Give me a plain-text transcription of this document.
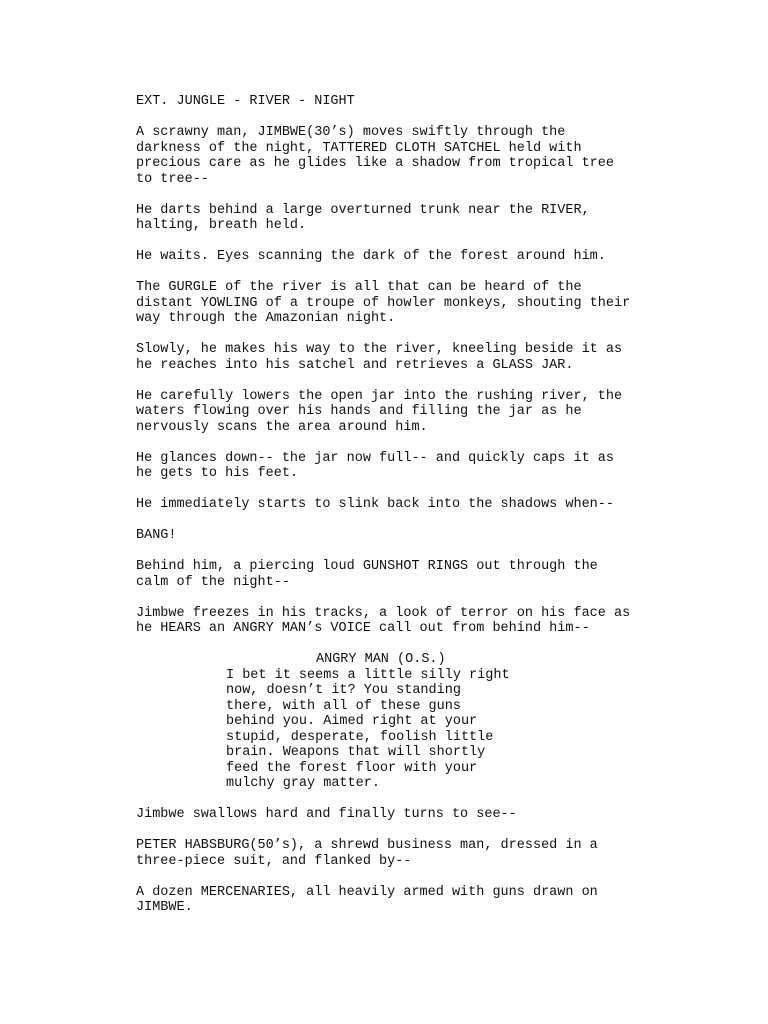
EXT. JUNGLE - RIVER - NIGHT
A scrawny man, JIMBWE(30’s) moves swiftly through the
darkness of the night, TATTERED CLOTH SATCHEL held with
precious care as he glides like a shadow from tropical tree
to tree--
He darts behind a large overturned trunk near the RIVER,
halting, breath held.
He waits. Eyes scanning the dark of the forest around him.
The GURGLE of the river is all that can be heard of the
distant YOWLING of a troupe of howler monkeys, shouting their
way through the Amazonian night.
Slowly, he makes his way to the river, kneeling beside it as
he reaches into his satchel and retrieves a GLASS JAR.
He carefully lowers the open jar into the rushing river, the
waters flowing over his hands and filling the jar as he
nervously scans the area around him.
He glances down-- the jar now full-- and quickly caps it as
he gets to his feet.
He immediately starts to slink back into the shadows when--
BANG!
Behind him, a piercing loud GUNSHOT RINGS out through the
calm of the night--
Jimbwe freezes in his tracks, a look of terror on his face as
he HEARS an ANGRY MAN’s VOICE call out from behind him--
ANGRY MAN (O.S.)
I bet it seems a little silly right
now, doesn’t it? You standing
there, with all of these guns
behind you. Aimed right at your
stupid, desperate, foolish little
brain. Weapons that will shortly
feed the forest floor with your
mulchy gray matter.
Jimbwe swallows hard and finally turns to see--
PETER HABSBURG(50’s), a shrewd business man, dressed in a
three-piece suit, and flanked by--
A dozen MERCENARIES, all heavily armed with guns drawn on
JIMBWE.
